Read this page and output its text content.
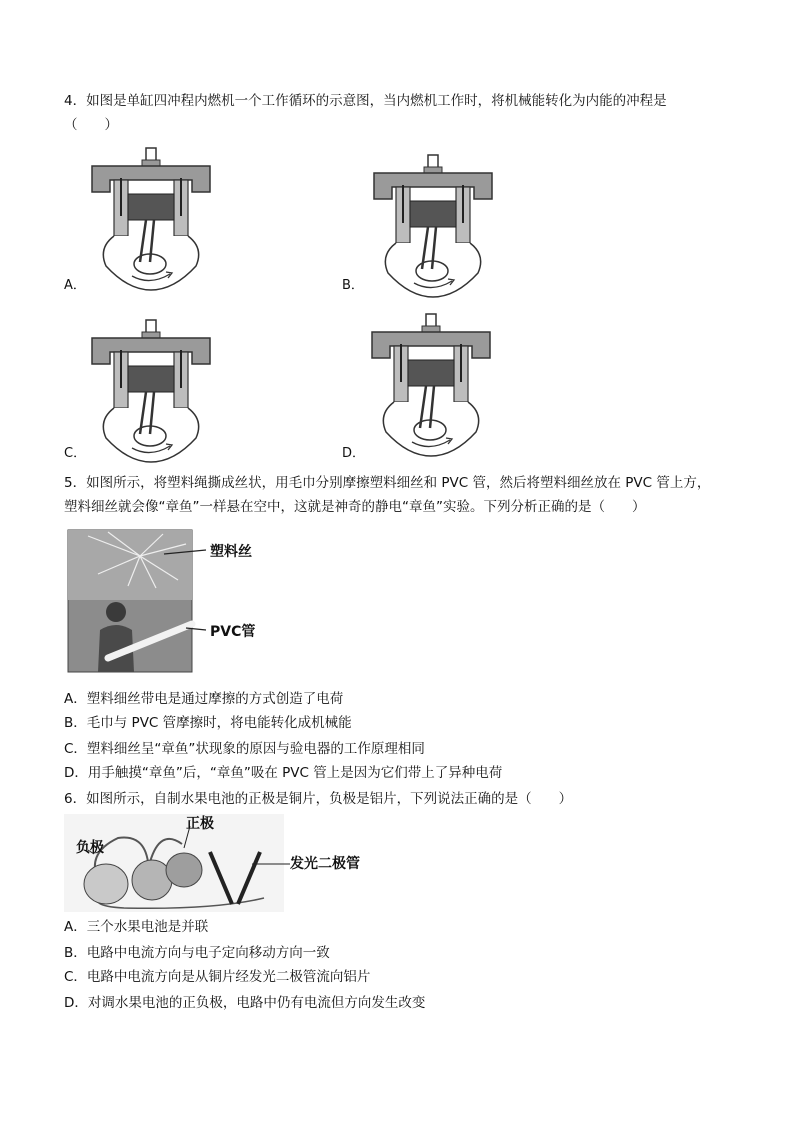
4．如图是单缸四冲程内燃机一个工作循环的示意图，当内燃机工作时，将机械能转化为内能的冲程是
（　　）
A．	B．
C．	D．
5．如图所示，将塑料绳撕成丝状，用毛巾分别摩擦塑料细丝和 PVC 管，然后将塑料细丝放在 PVC 管上方，
塑料细丝就会像“章鱼”一样悬在空中，这就是神奇的静电“章鱼”实验。下列分析正确的是（　　）
塑料丝
PVC管
A．塑料细丝带电是通过摩擦的方式创造了电荷
B．毛巾与 PVC 管摩擦时，将电能转化成机械能
C．塑料细丝呈“章鱼”状现象的原因与验电器的工作原理相同
D．用手触摸“章鱼”后，“章鱼”吸在 PVC 管上是因为它们带上了异种电荷
6．如图所示，自制水果电池的正极是铜片，负极是铝片，下列说法正确的是（　　）
负极
正极
发光二极管
A．三个水果电池是并联
B．电路中电流方向与电子定向移动方向一致
C．电路中电流方向是从铜片经发光二极管流向铝片
D．对调水果电池的正负极，电路中仍有电流但方向发生改变
